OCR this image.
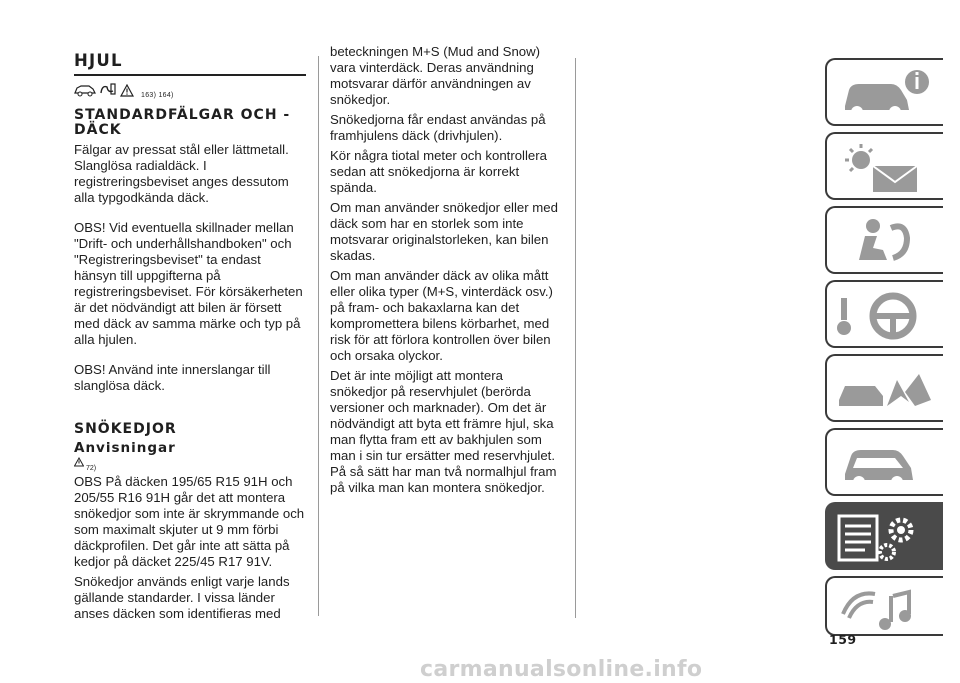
HJUL
163) 164)
STANDARDFÄLGAR OCH -DÄCK

Fälgar av pressat stål eller lättmetall. Slanglösa radialdäck. I registreringsbeviset anges dessutom alla typgodkända däck.

OBS! Vid eventuella skillnader mellan "Drift- och underhållshandboken" och "Registreringsbeviset" ta endast hänsyn till uppgifterna på registreringsbeviset. För körsäkerheten är det nödvändigt att bilen är försett med däck av samma märke och typ på alla hjulen.

OBS! Använd inte innerslangar till slanglösa däck.

SNÖKEDJOR
Anvisningar
72)

OBS På däcken 195/65 R15 91H och 205/55 R16 91H går det att montera snökedjor som inte är skrymmande och som maximalt skjuter ut 9 mm förbi däckprofilen. Det går inte att sätta på kedjor på däcket 225/45 R17 91V.

Snökedjor används enligt varje lands gällande standarder. I vissa länder anses däcken som identifieras med

beteckningen M+S (Mud and Snow) vara vinterdäck. Deras användning motsvarar därför användningen av snökedjor.

Snökedjorna får endast användas på framhjulens däck (drivhjulen).

Kör några tiotal meter och kontrollera sedan att snökedjorna är korrekt spända.

Om man använder snökedjor eller med däck som har en storlek som inte motsvarar originalstorleken, kan bilen skadas.

Om man använder däck av olika mått eller olika typer (M+S, vinterdäck osv.) på fram- och bakaxlarna kan det komprometterа bilens körbarhet, med risk för att förlora kontrollen över bilen och orsaka olyckor.

Det är inte möjligt att montera snökedjor på reservhjulet (berörda versioner och marknader). Om det är nödvändigt att byta ett främre hjul, ska man flytta fram ett av bakhjulen som man i sin tur ersätter med reservhjulet. På så sätt har man två normalhjul fram på vilka man kan montera snökedjor.

159
carmanualsonline.info
